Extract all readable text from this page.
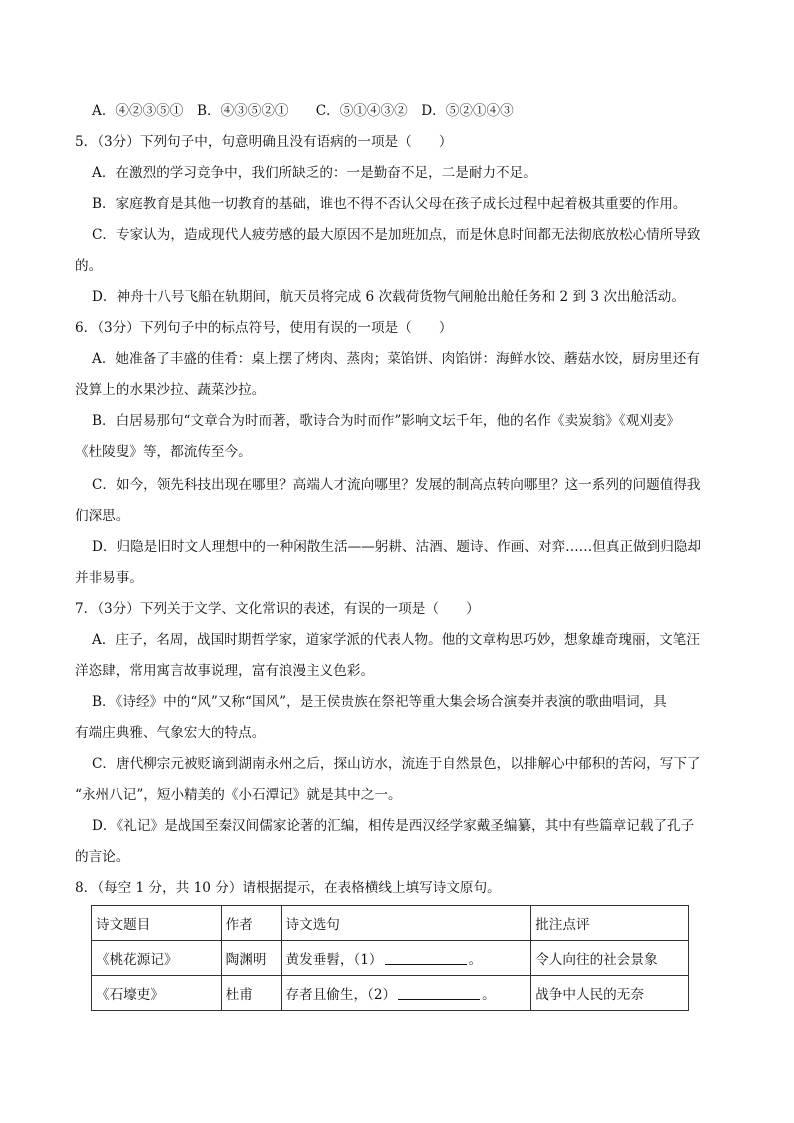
A．④②③⑤①　B．④③⑤②①　　C．⑤①④③②　D．⑤②①④③
5．（3分）下列句子中，句意明确且没有语病的一项是（　　）
A．在激烈的学习竞争中，我们所缺乏的：一是勤奋不足，二是耐力不足。
B．家庭教育是其他一切教育的基础，谁也不得不否认父母在孩子成长过程中起着极其重要的作用。
C．专家认为，造成现代人疲劳感的最大原因不是加班加点，而是休息时间都无法彻底放松心情所导致
的。
D．神舟十八号飞船在轨期间，航天员将完成 6 次载荷货物气闸舱出舱任务和 2 到 3 次出舱活动。
6．（3分）下列句子中的标点符号，使用有误的一项是（　　）
A．她准备了丰盛的佳肴：桌上摆了烤肉、蒸肉；菜馅饼、肉馅饼：海鲜水饺、蘑菇水饺，厨房里还有
没算上的水果沙拉、蔬菜沙拉。
B．白居易那句“文章合为时而著，歌诗合为时而作”影响文坛千年，他的名作《卖炭翁》《观刈麦》
《杜陵叟》等，都流传至今。
C．如今，领先科技出现在哪里？高端人才流向哪里？发展的制高点转向哪里？这一系列的问题值得我
们深思。
D．归隐是旧时文人理想中的一种闲散生活——躬耕、沽酒、题诗、作画、对弈……但真正做到归隐却
并非易事。
7．（3分）下列关于文学、文化常识的表述，有误的一项是（　　）
A．庄子，名周，战国时期哲学家，道家学派的代表人物。他的文章构思巧妙，想象雄奇瑰丽，文笔汪
洋恣肆，常用寓言故事说理，富有浪漫主义色彩。
B．《诗经》中的“风”又称“国风”，是王侯贵族在祭祀等重大集会场合演奏并表演的歌曲唱词，具
有端庄典雅、气象宏大的特点。
C．唐代柳宗元被贬谪到湖南永州之后，探山访水，流连于自然景色，以排解心中郁积的苦闷，写下了
“永州八记”，短小精美的《小石潭记》就是其中之一。
D．《礼记》是战国至秦汉间儒家论著的汇编，相传是西汉经学家戴圣编纂，其中有些篇章记载了孔子
的言论。
8．（每空 1 分，共 10 分）请根据提示，在表格横线上填写诗文原句。
诗文题目	作者	诗文选句	批注点评
《桃花源记》	陶渊明	黄发垂髫，（1） 。	令人向往的社会景象
《石壕吏》	杜甫	存者且偷生，（2） 。	战争中人民的无奈
